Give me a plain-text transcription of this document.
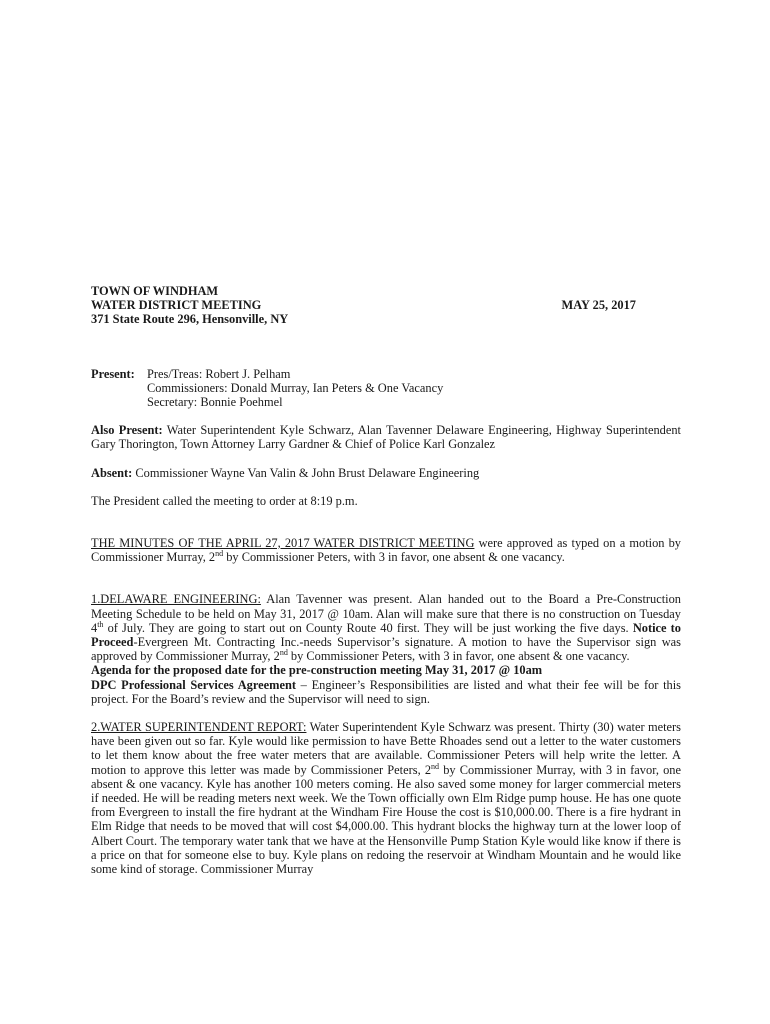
TOWN OF WINDHAM
WATER DISTRICT MEETING	MAY 25, 2017
371 State Route 296, Hensonville, NY
Present: Pres/Treas: Robert J. Pelham
Commissioners: Donald Murray, Ian Peters & One Vacancy
Secretary: Bonnie Poehmel

Also Present: Water Superintendent Kyle Schwarz, Alan Tavenner Delaware Engineering, Highway Superintendent Gary Thorington, Town Attorney Larry Gardner & Chief of Police Karl Gonzalez

Absent: Commissioner Wayne Van Valin & John Brust Delaware Engineering

The President called the meeting to order at 8:19 p.m.

THE MINUTES OF THE APRIL 27, 2017 WATER DISTRICT MEETING were approved as typed on a motion by Commissioner Murray, 2nd by Commissioner Peters, with 3 in favor, one absent & one vacancy.

1.DELAWARE ENGINEERING: Alan Tavenner was present. Alan handed out to the Board a Pre-Construction Meeting Schedule to be held on May 31, 2017 @ 10am. Alan will make sure that there is no construction on Tuesday 4th of July. They are going to start out on County Route 40 first. They will be just working the five days. Notice to Proceed-Evergreen Mt. Contracting Inc.-needs Supervisor’s signature. A motion to have the Supervisor sign was approved by Commissioner Murray, 2nd by Commissioner Peters, with 3 in favor, one absent & one vacancy.

Agenda for the proposed date for the pre-construction meeting May 31, 2017 @ 10am

DPC Professional Services Agreement – Engineer’s Responsibilities are listed and what their fee will be for this project. For the Board’s review and the Supervisor will need to sign.

2.WATER SUPERINTENDENT REPORT: Water Superintendent Kyle Schwarz was present. Thirty (30) water meters have been given out so far. Kyle would like permission to have Bette Rhoades send out a letter to the water customers to let them know about the free water meters that are available. Commissioner Peters will help write the letter. A motion to approve this letter was made by Commissioner Peters, 2nd by Commissioner Murray, with 3 in favor, one absent & one vacancy. Kyle has another 100 meters coming. He also saved some money for larger commercial meters if needed. He will be reading meters next week. We the Town officially own Elm Ridge pump house. He has one quote from Evergreen to install the fire hydrant at the Windham Fire House the cost is $10,000.00. There is a fire hydrant in Elm Ridge that needs to be moved that will cost $4,000.00. This hydrant blocks the highway turn at the lower loop of Albert Court. The temporary water tank that we have at the Hensonville Pump Station Kyle would like know if there is a price on that for someone else to buy. Kyle plans on redoing the reservoir at Windham Mountain and he would like some kind of storage. Commissioner Murray
